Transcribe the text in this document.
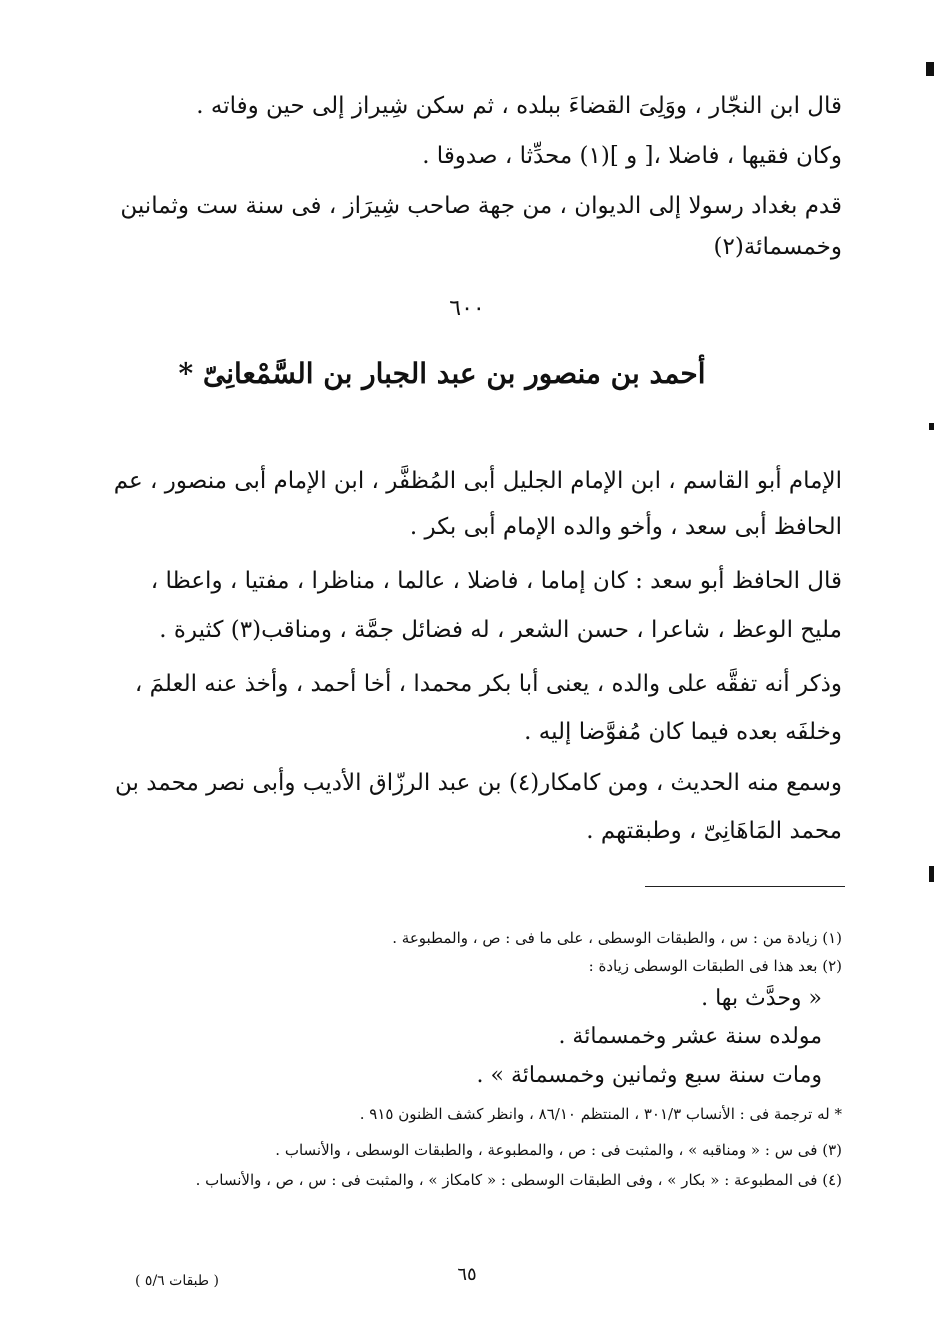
قال ابن النجّار ، ووَلِىَ القضاءَ ببلده ، ثم سكن شِيراز إلى حين وفاته .
وكان فقيها ، فاضلا ،[ و ](١) محدِّثا ، صدوقا .
قدم بغداد رسولا إلى الديوان ، من جهة صاحب شِيرَاز ، فى سنة ست وثمانين
وخمسمائة(٢)
٦٠٠
أحمد بن منصور بن عبد الجبار بن السَّمْعانِىّ *
الإمام أبو القاسم ، ابن الإمام الجليل أبى المُظفَّر ، ابن الإمام أبى منصور ، عم
الحافظ أبى سعد ، وأخو والده الإمام أبى بكر .
قال الحافظ أبو سعد : كان إماما ، فاضلا ، عالما ، مناظرا ، مفتيا ، واعظا ،
مليح الوعظ ، شاعرا ، حسن الشعر ، له فضائل جمَّة ، ومناقب(٣) كثيرة .
وذكر أنه تفقَّه على والده ، يعنى أبا بكر محمدا ، أخا أحمد ، وأخذ عنه العلمَ ،
وخلفَه بعده فيما كان مُفوَّضا إليه .
وسمع منه الحديث ، ومن كامكار(٤) بن عبد الرزّاق الأديب وأبى نصر محمد بن
محمد المَاهَانِىّ ، وطبقتهم .
(١) زيادة من : س ، والطبقات الوسطى ، على ما فى : ص ، والمطبوعة .
(٢) بعد هذا فى الطبقات الوسطى زيادة :
« وحدَّث بها .
مولده سنة عشر وخمسمائة .
ومات سنة سبع وثمانين وخمسمائة » .
* له ترجمة فى : الأنساب ٣٠١/٣ ، المنتظم ٨٦/١٠ ، وانظر كشف الظنون ٩١٥ .
(٣) فى س : « ومناقبه » ، والمثبت فى : ص ، والمطبوعة ، والطبقات الوسطى ، والأنساب .
(٤) فى المطبوعة : « بكار » ، وفى الطبقات الوسطى : « كامكاز » ، والمثبت فى : س ، ص ، والأنساب .
٦٥
( طبقات ٥/٦ )
